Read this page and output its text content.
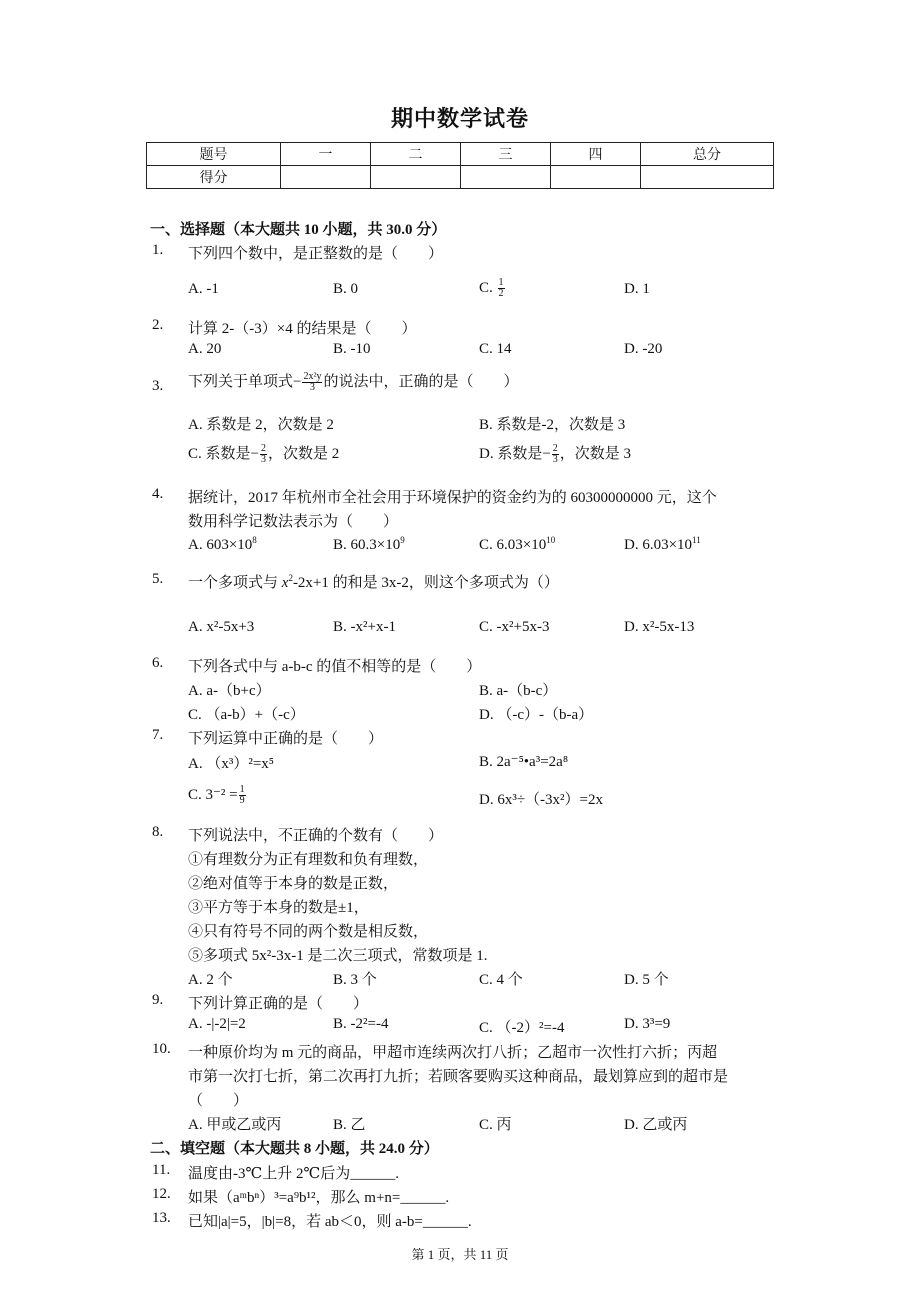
期中数学试卷
题号	一	二	三	四	总分
得分					
一、选择题（本大题共 10 小题，共 30.0 分）
1. 下列四个数中，是正整数的是（　　）
A. -1	B. 0	C. $\frac{1}{2}$	D. 1
2. 计算 2-（-3）×4 的结果是（　　）
A. 20	B. -10	C. 14	D. -20
3. 下列关于单项式− $\frac{\text{2x²y}}{3}$ 的说法中，正确的是（　　）
A. 系数是 2，次数是 2	B. 系数是-2，次数是 3
C. 系数是− $\frac{2}{3}$ ，次数是 2	D. 系数是− $\frac{2}{3}$ ，次数是 3
4. 据统计，2017 年杭州市全社会用于环境保护的资金约为的 60300000000 元，这个
数用科学记数法表示为（　　）
A. $603\times 10^8$	B. $60.3\times 10^9$	C. $6.03\times 10^{10}$	D. $6.03\times 10^{11}$
5. 一个多项式与 $x^2-2x+1$ 的和是 3x-2，则这个多项式为（）
A. x²-5x+3	B. -x²+x-1	C. -x²+5x-3	D. x²-5x-13
6. 下列各式中与 a-b-c 的值不相等的是（　　）
A. a-（b+c）	B. a-（b-c）
C. （a-b）+（-c）	D. （-c）-（b-a）
7. 下列运算中正确的是（　　）
A. （x³）²=x⁵	B. 2a⁻⁵•a³=2a⁸
C. $3^{-2} = \frac{1}{9}$	D. 6x³÷（-3x²）=2x
8. 下列说法中，不正确的个数有（　　）
①有理数分为正有理数和负有理数，
②绝对值等于本身的数是正数，
③平方等于本身的数是±1，
④只有符号不同的两个数是相反数，
⑤多项式 5x²-3x-1 是二次三项式，常数项是 1.
A. 2 个	B. 3 个	C. 4 个	D. 5 个
9. 下列计算正确的是（　　）
A. -|-2|=2	B. -2²=-4	C. （-2）²=-4	D. 3³=9
10. 一种原价均为 m 元的商品，甲超市连续两次打八折；乙超市一次性打六折；丙超
市第一次打七折，第二次再打九折；若顾客要购买这种商品，最划算应到的超市是
（　　）
A. 甲或乙或丙	B. 乙	C. 丙	D. 乙或丙
二、填空题（本大题共 8 小题，共 24.0 分）
11. 温度由-3℃上升 2℃后为______.
12. 如果（aᵐbⁿ）³=a⁹b¹²，那么 m+n=______.
13. 已知|a|=5，|b|=8，若 ab＜0，则 a-b=______.
第 1 页，共 11 页
